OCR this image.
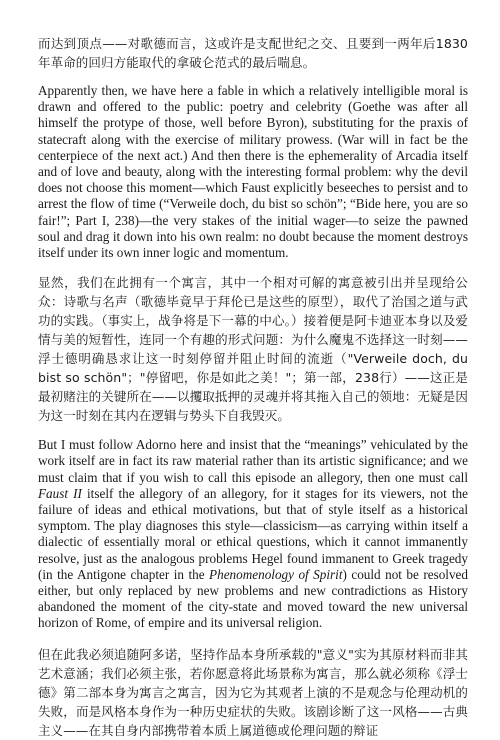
而达到顶点——对歌德而言，这或许是支配世纪之交、且要到一两年后1830年革命的回归方能取代的拿破仑范式的最后喘息。

Apparently then, we have here a fable in which a relatively intelligible moral is drawn and offered to the public: poetry and celebrity (Goethe was after all himself the protype of those, well before Byron), substituting for the praxis of statecraft along with the exercise of military prowess. (War will in fact be the centerpiece of the next act.) And then there is the ephemerality of Arcadia itself and of love and beauty, along with the interesting formal problem: why the devil does not choose this moment—which Faust explicitly beseeches to persist and to arrest the flow of time (“Verweile doch, du bist so schön”; “Bide here, you are so fair!”; Part I, 238)—the very stakes of the initial wager—to seize the pawned soul and drag it down into his own realm: no doubt because the moment destroys itself under its own inner logic and momentum.

显然，我们在此拥有一个寓言，其中一个相对可解的寓意被引出并呈现给公众：诗歌与名声（歌德毕竟早于拜伦已是这些的原型），取代了治国之道与武功的实践。（事实上，战争将是下一幕的中心。）接着便是阿卡迪亚本身以及爱情与美的短暂性，连同一个有趣的形式问题：为什么魔鬼不选择这一时刻——浮士德明确恳求让这一时刻停留并阻止时间的流逝（"Verweile doch, du bist so schön"；"停留吧，你是如此之美！"；第一部，238行）——这正是最初赌注的关键所在——以攫取抵押的灵魂并将其拖入自己的领地：无疑是因为这一时刻在其内在逻辑与势头下自我毁灭。

But I must follow Adorno here and insist that the “meanings” vehiculated by the work itself are in fact its raw material rather than its artistic significance; and we must claim that if you wish to call this episode an allegory, then one must call Faust II itself the allegory of an allegory, for it stages for its viewers, not the failure of ideas and ethical motivations, but that of style itself as a historical symptom. The play diagnoses this style—classicism—as carrying within itself a dialectic of essentially moral or ethical questions, which it cannot immanently resolve, just as the analogous problems Hegel found immanent to Greek tragedy (in the Antigone chapter in the Phenomenology of Spirit) could not be resolved either, but only replaced by new problems and new contradictions as History abandoned the moment of the city-state and moved toward the new universal horizon of Rome, of empire and its universal religion.

但在此我必须追随阿多诺，坚持作品本身所承载的"意义"实为其原材料而非其艺术意涵；我们必须主张，若你愿意将此场景称为寓言，那么就必须称《浮士德》第二部本身为寓言之寓言，因为它为其观者上演的不是观念与伦理动机的失败，而是风格本身作为一种历史症状的失败。该剧诊断了这一风格——古典主义——在其自身内部携带着本质上属道德或伦理问题的辩证
